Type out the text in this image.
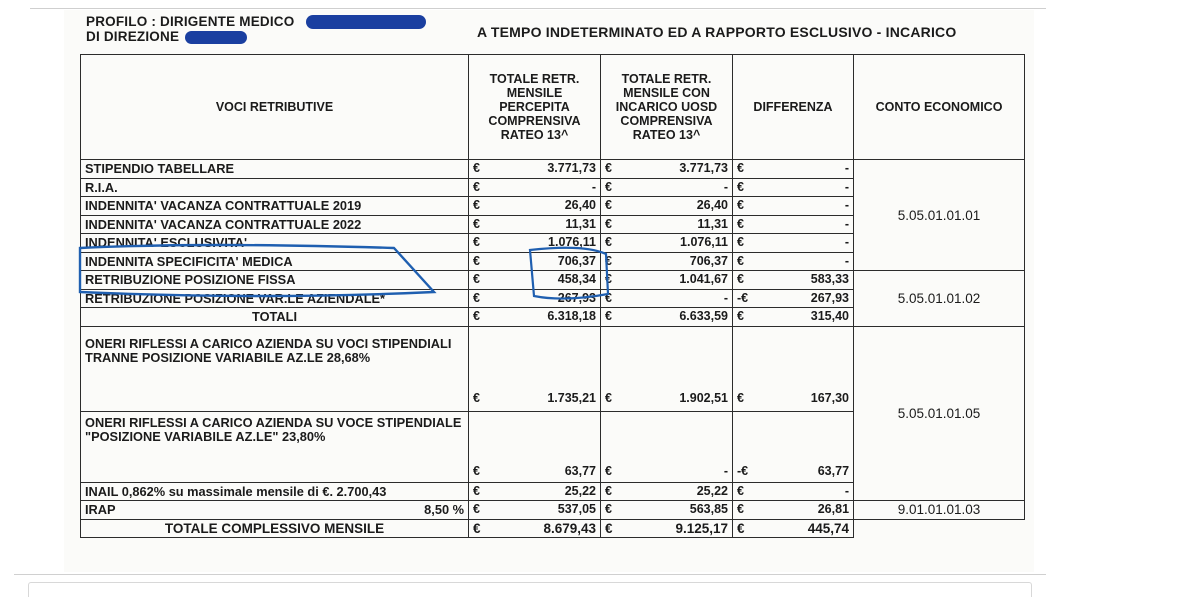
PROFILO : DIRIGENTE MEDICO
DI DIREZIONE	A TEMPO INDETERMINATO ED A RAPPORTO ESCLUSIVO - INCARICO
VOCI RETRIBUTIVE	TOTALE RETR. MENSILE PERCEPITA COMPRENSIVA RATEO 13^		TOTALE RETR. MENSILE CON INCARICO UOSD COMPRENSIVA RATEO 13^		DIFFERENZA		CONTO ECONOMICO
STIPENDIO TABELLARE	€	3.771,73	€	3.771,73	€	-	5.05.01.01.01
R.I.A.	€	-	€	-	€	-	
INDENNITA' VACANZA CONTRATTUALE 2019	€	26,40	€	26,40	€	-	
INDENNITA' VACANZA CONTRATTUALE 2022	€	11,31	€	11,31	€	-	
INDENNITA' ESCLUSIVITA'	€	1.076,11	€	1.076,11	€	-	
INDENNITA SPECIFICITA' MEDICA	€	706,37	€	706,37	€	-	
RETRIBUZIONE POSIZIONE FISSA	€	458,34	€	1.041,67	€	583,33	5.05.01.01.02
RETRIBUZIONE POSIZIONE VAR.LE AZIENDALE*	€	267,93	€	-	-€	267,93	
TOTALI	€	6.318,18	€	6.633,59	€	315,40	
ONERI RIFLESSI A CARICO AZIENDA SU VOCI STIPENDIALI TRANNE POSIZIONE VARIABILE AZ.LE 28,68%	€	1.735,21	€	1.902,51	€	167,30	5.05.01.01.05
ONERI RIFLESSI A CARICO AZIENDA SU VOCE STIPENDIALE "POSIZIONE VARIABILE AZ.LE" 23,80%	€	63,77	€	-	-€	63,77	
INAIL 0,862% su massimale mensile di €. 2.700,43	€	25,22	€	25,22	€	-	
IRAP 8,50 %	€	537,05	€	563,85	€	26,81	9.01.01.01.03
TOTALE COMPLESSIVO MENSILE	€	8.679,43	€	9.125,17	€	445,74	
